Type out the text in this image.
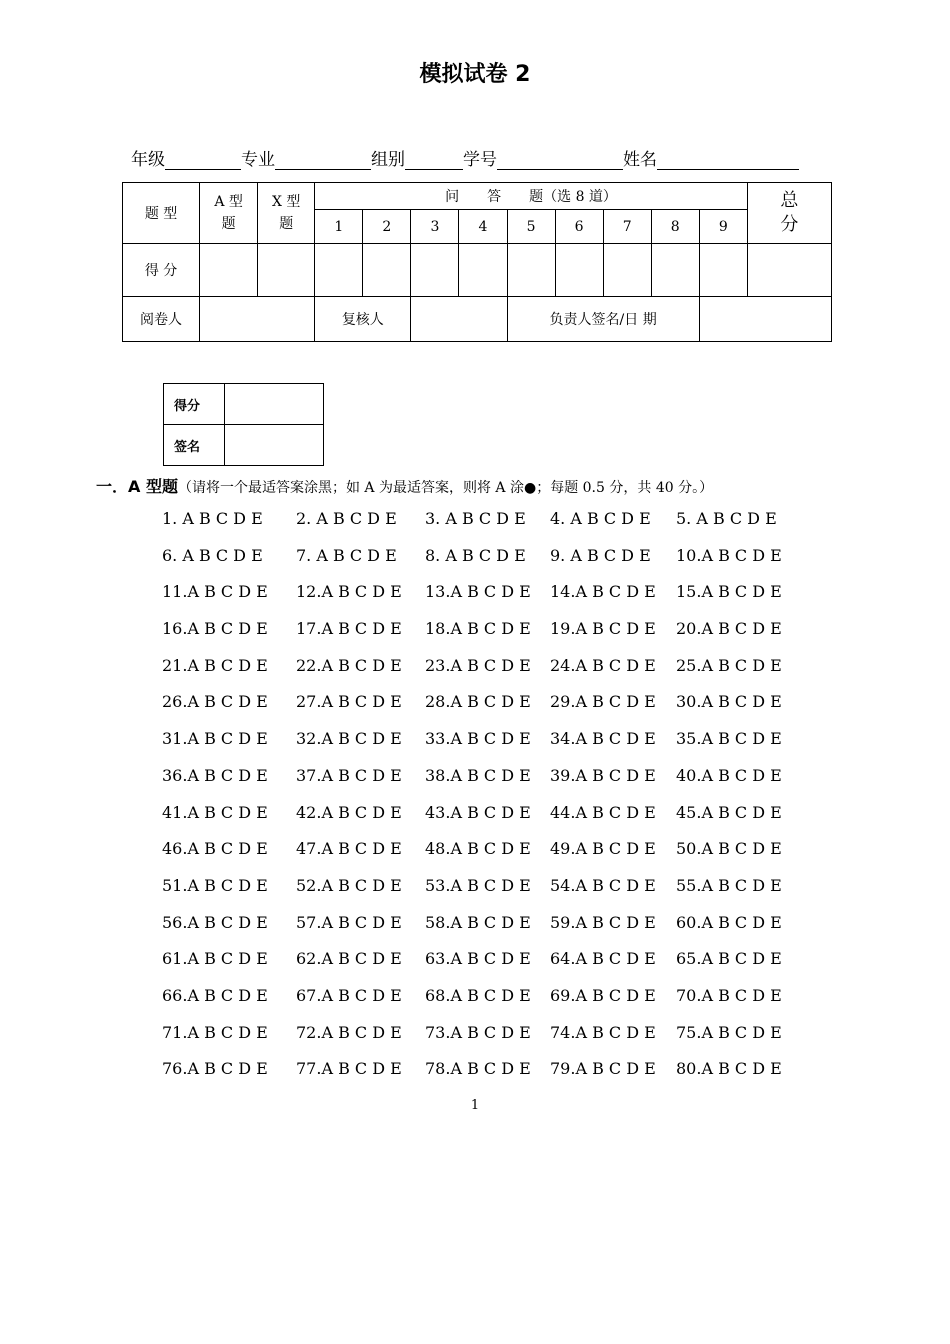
模拟试卷 2
年级	专业	组别	学号	姓名
题 型	A 型题	X 型题	问　　答　　题（选 8 道）									总分
			1	2	3	4	5	6	7	8	9	
得 分												
阅卷人			复核人				负责人签名/日 期					
得分	
签名	
一．A 型题（请将一个最适答案涂黑；如 A 为最适答案，则将 A 涂●；每题 0.5 分，共 40 分。）
1. A B C D E 2. A B C D E 3. A B C D E 4. A B C D E 5. A B C D E
6. A B C D E 7. A B C D E 8. A B C D E 9. A B C D E 10.A B C D E
11.A B C D E 12.A B C D E 13.A B C D E 14.A B C D E 15.A B C D E
16.A B C D E 17.A B C D E 18.A B C D E 19.A B C D E 20.A B C D E
21.A B C D E 22.A B C D E 23.A B C D E 24.A B C D E 25.A B C D E
26.A B C D E 27.A B C D E 28.A B C D E 29.A B C D E 30.A B C D E
31.A B C D E 32.A B C D E 33.A B C D E 34.A B C D E 35.A B C D E
36.A B C D E 37.A B C D E 38.A B C D E 39.A B C D E 40.A B C D E
41.A B C D E 42.A B C D E 43.A B C D E 44.A B C D E 45.A B C D E
46.A B C D E 47.A B C D E 48.A B C D E 49.A B C D E 50.A B C D E
51.A B C D E 52.A B C D E 53.A B C D E 54.A B C D E 55.A B C D E
56.A B C D E 57.A B C D E 58.A B C D E 59.A B C D E 60.A B C D E
61.A B C D E 62.A B C D E 63.A B C D E 64.A B C D E 65.A B C D E
66.A B C D E 67.A B C D E 68.A B C D E 69.A B C D E 70.A B C D E
71.A B C D E 72.A B C D E 73.A B C D E 74.A B C D E 75.A B C D E
76.A B C D E 77.A B C D E 78.A B C D E 79.A B C D E 80.A B C D E
1
